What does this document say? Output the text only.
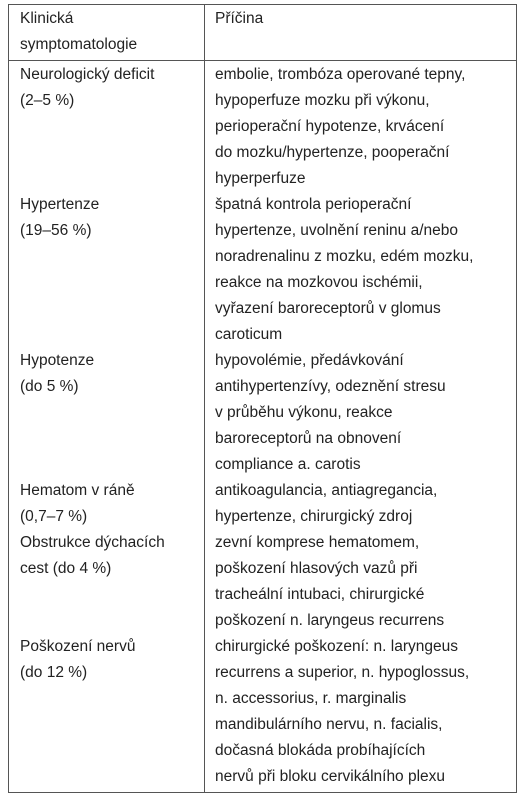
Klinická
symptomatologie
Příčina
Neurologický deficit
(2–5 %)
Hypertenze
(19–56 %)
Hypotenze
(do 5 %)
Hematom v ráně
(0,7–7 %)
Obstrukce dýchacích
cest (do 4 %)
Poškození nervů
(do 12 %)
embolie, trombóza operované tepny,
hypoperfuze mozku při výkonu,
perioperační hypotenze, krvácení
do mozku/hypertenze, pooperační
hyperperfuze
špatná kontrola perioperační
hypertenze, uvolnění reninu a/nebo
noradrenalinu z mozku, edém mozku,
reakce na mozkovou ischémii,
vyřazení baroreceptorů v glomus
caroticum
hypovolémie, předávkování
antihypertenzívy, odeznění stresu
v průběhu výkonu, reakce
baroreceptorů na obnovení
compliance a. carotis
antikoagulancia, antiagregancia,
hypertenze, chirurgický zdroj
zevní komprese hematomem,
poškození hlasových vazů při
tracheální intubaci, chirurgické
poškození n. laryngeus recurrens
chirurgické poškození: n. laryngeus
recurrens a superior, n. hypoglossus,
n. accessorius, r. marginalis
mandibulárního nervu, n. facialis,
dočasná blokáda probíhajících
nervů při bloku cervikálního plexu
